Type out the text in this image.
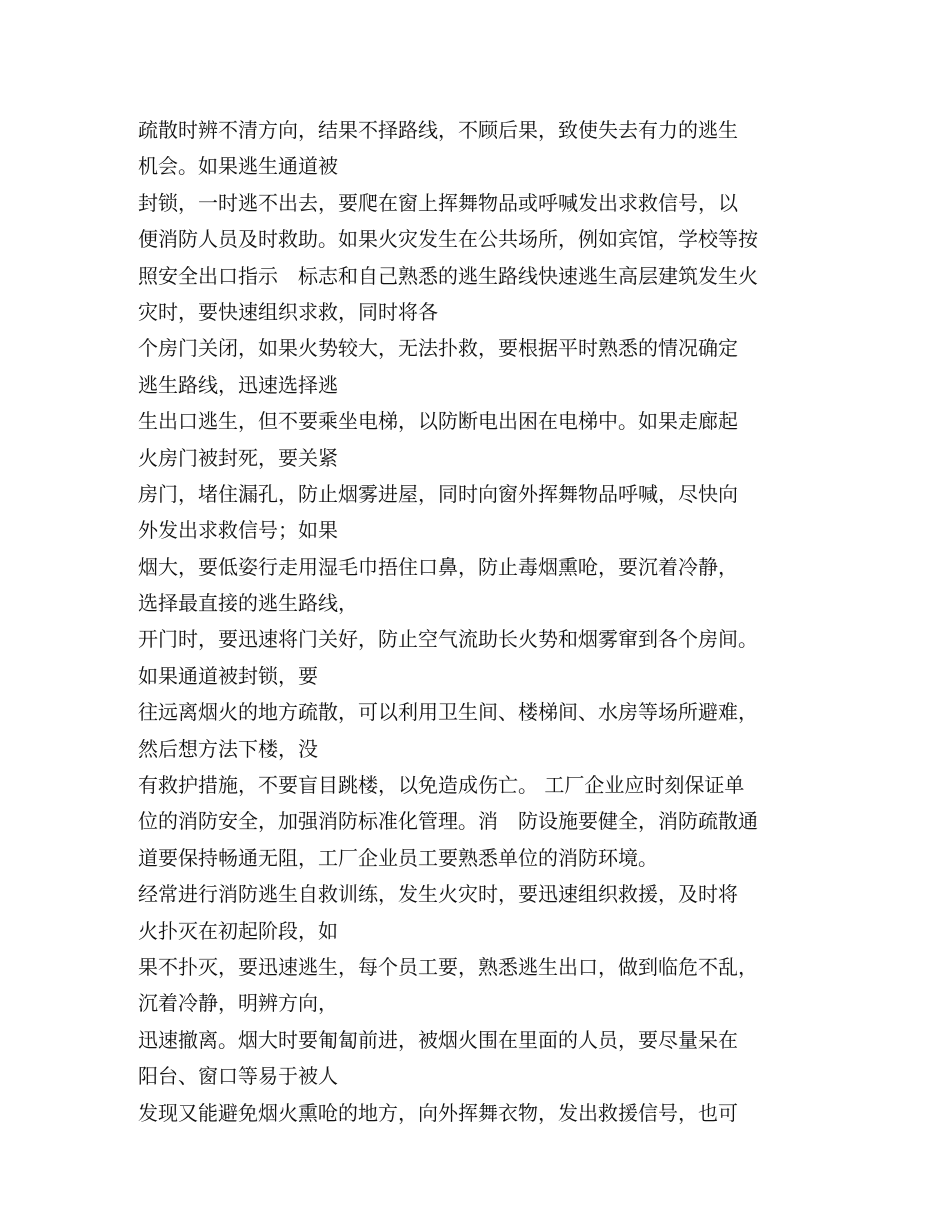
疏散时辨不清方向，结果不择路线，不顾后果，致使失去有力的逃生
机会。如果逃生通道被
封锁，一时逃不出去，要爬在窗上挥舞物品或呼喊发出求救信号，以
便消防人员及时救助。如果火灾发生在公共场所，例如宾馆，学校等按
照安全出口指示　标志和自己熟悉的逃生路线快速逃生高层建筑发生火
灾时，要快速组织求救，同时将各
个房门关闭，如果火势较大，无法扑救，要根据平时熟悉的情况确定
逃生路线，迅速选择逃
生出口逃生，但不要乘坐电梯，以防断电出困在电梯中。如果走廊起
火房门被封死，要关紧
房门，堵住漏孔，防止烟雾进屋，同时向窗外挥舞物品呼喊，尽快向
外发出求救信号；如果
烟大，要低姿行走用湿毛巾捂住口鼻，防止毒烟熏呛，要沉着冷静，
选择最直接的逃生路线，
开门时，要迅速将门关好，防止空气流助长火势和烟雾窜到各个房间。
如果通道被封锁，要
往远离烟火的地方疏散，可以利用卫生间、楼梯间、水房等场所避难，
然后想方法下楼，没
有救护措施，不要盲目跳楼，以免造成伤亡。 工厂企业应时刻保证单
位的消防安全，加强消防标准化管理。消　防设施要健全，消防疏散通
道要保持畅通无阻，工厂企业员工要熟悉单位的消防环境。
经常进行消防逃生自救训练，发生火灾时，要迅速组织救援，及时将
火扑灭在初起阶段，如
果不扑灭，要迅速逃生，每个员工要，熟悉逃生出口，做到临危不乱，
沉着冷静，明辨方向，
迅速撤离。烟大时要匍匐前进，被烟火围在里面的人员，要尽量呆在
阳台、窗口等易于被人
发现又能避免烟火熏呛的地方，向外挥舞衣物，发出救援信号，也可
